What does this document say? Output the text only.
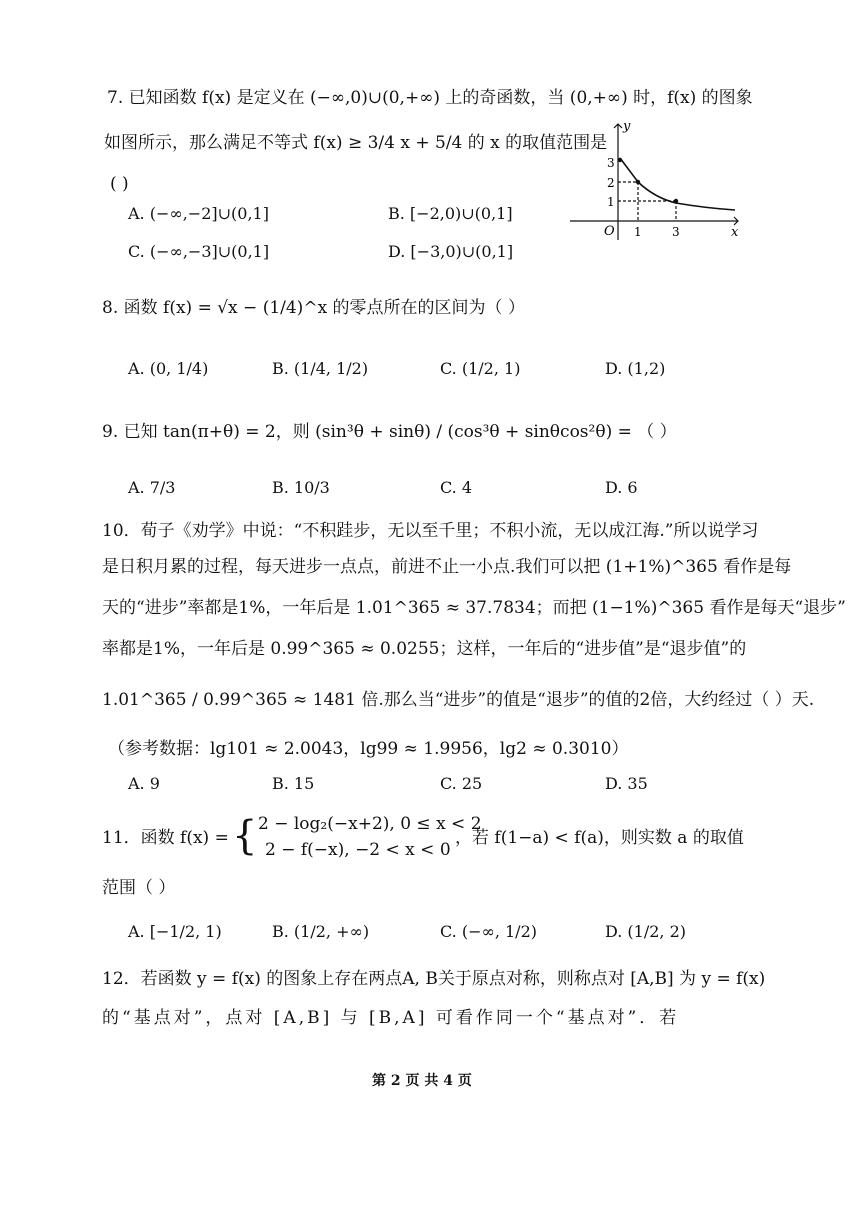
7. 已知函数 f(x) 是定义在 (−∞,0)∪(0,+∞) 上的奇函数，当 (0,+∞) 时，f(x) 的图象
如图所示，那么满足不等式 f(x) ≥ 3/4 x + 5/4 的 x 的取值范围是
( )
A. (−∞,−2]∪(0,1]	B. [−2,0)∪(0,1]
C. (−∞,−3]∪(0,1]	D. [−3,0)∪(0,1]
y
x
O 1	3
3
2
1
8. 函数 f(x) = √x − (1/4)^x 的零点所在的区间为（ ）
A. (0, 1/4)	B. (1/4, 1/2)	C. (1/2, 1)	D. (1,2)
9. 已知 tan(π+θ) = 2，则 (sin³θ + sinθ) / (cos³θ + sinθcos²θ) = （ ）
A. 7/3	B. 10/3	C. 4	D. 6
10．荀子《劝学》中说：“不积跬步，无以至千里；不积小流，无以成江海.”所以说学习
是日积月累的过程，每天进步一点点，前进不止一小点.我们可以把 (1+1%)^365 看作是每
天的“进步”率都是1%，一年后是 1.01^365 ≈ 37.7834；而把 (1−1%)^365 看作是每天“退步”
率都是1%，一年后是 0.99^365 ≈ 0.0255；这样，一年后的“进步值”是“退步值”的
1.01^365 / 0.99^365 ≈ 1481 倍.那么当“进步”的值是“退步”的值的2倍，大约经过（ ）天.
（参考数据：lg101 ≈ 2.0043，lg99 ≈ 1.9956，lg2 ≈ 0.3010）
A. 9	B. 15	C. 25	D. 35
11．函数 f(x) = { 2 − log₂(−x+2), 0 ≤ x < 2
2 − f(−x), −2 < x < 0
，若 f(1−a) < f(a)，则实数 a 的取值
范围（ ）
A. [−1/2, 1)	B. (1/2, +∞)	C. (−∞, 1/2)	D. (1/2, 2)
12．若函数 y = f(x) 的图象上存在两点A, B关于原点对称，则称点对 [A,B] 为 y = f(x)
的“基点对”，点对 [A,B] 与 [B,A] 可看作同一个“基点对”．若
第 2 页 共 4 页
